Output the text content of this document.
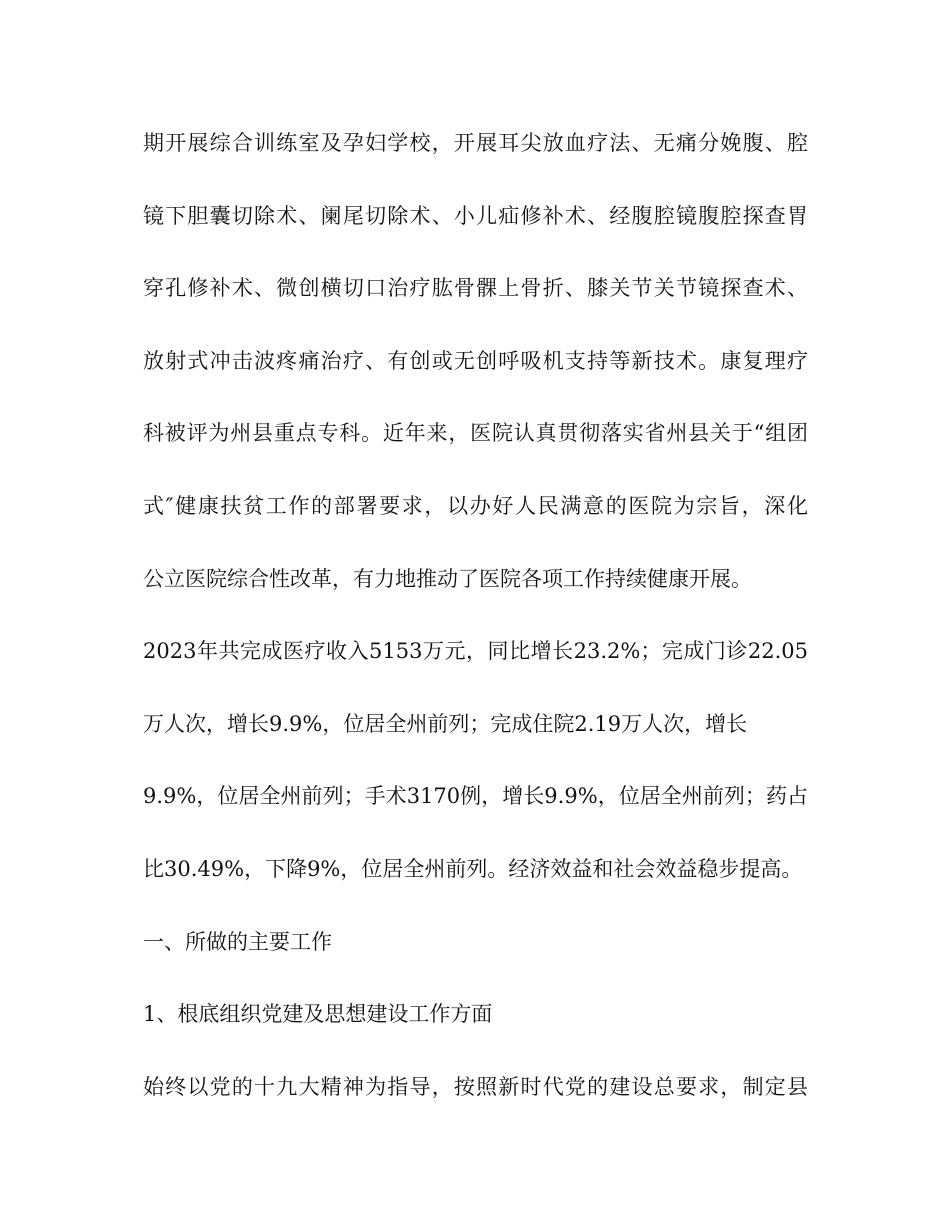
期开展综合训练室及孕妇学校，开展耳尖放血疗法、无痛分娩腹、腔
镜下胆囊切除术、阑尾切除术、小儿疝修补术、经腹腔镜腹腔探查胃
穿孔修补术、微创横切口治疗肱骨髁上骨折、膝关节关节镜探查术、
放射式冲击波疼痛治疗、有创或无创呼吸机支持等新技术。康复理疗
科被评为州县重点专科。近年来，医院认真贯彻落实省州县关于“组团
式″健康扶贫工作的部署要求，以办好人民满意的医院为宗旨，深化
公立医院综合性改革，有力地推动了医院各项工作持续健康开展。
2023年共完成医疗收入5153万元，同比增长23.2%；完成门诊22.05
万人次，增长9.9%，位居全州前列；完成住院2.19万人次，增长
9.9%，位居全州前列；手术3170例，增长9.9%，位居全州前列；药占
比30.49%，下降9%，位居全州前列。经济效益和社会效益稳步提高。
一、所做的主要工作
1、根底组织党建及思想建设工作方面
始终以党的十九大精神为指导，按照新时代党的建设总要求，制定县
